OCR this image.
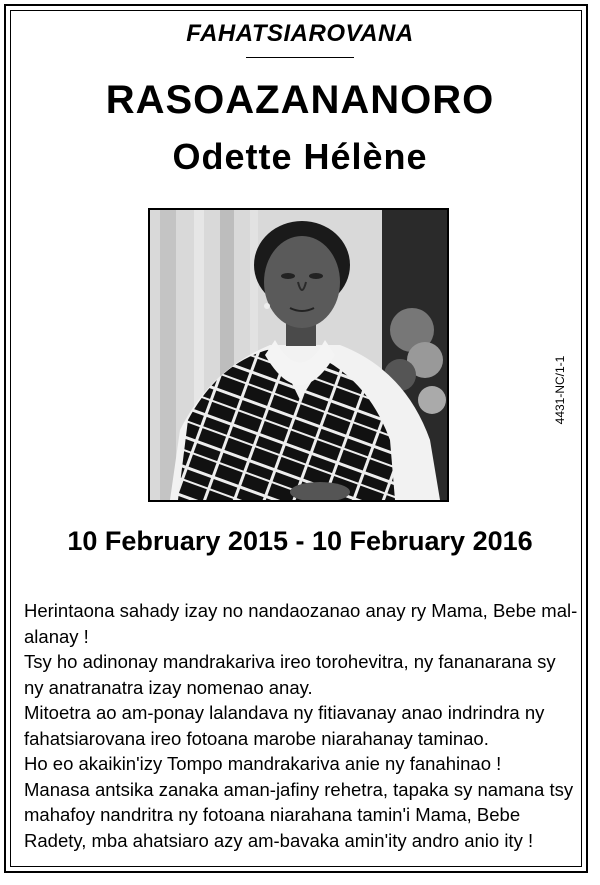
FAHATSIAROVANA
RASOAZANANORO
Odette Hélène
4431-NC/1-1
10 February 2015 - 10 February 2016
Herintaona sahady izay no nandaozanao anay ry Mama, Bebe mal-
alanay !
Tsy ho adinonay mandrakariva ireo torohevitra, ny fananarana sy
ny anatranatra izay nomenao anay.
Mitoetra ao am-ponay lalandava ny fitiavanay anao indrindra ny
fahatsiarovana ireo fotoana marobe niarahanay taminao.
Ho eo akaikin'izy Tompo mandrakariva anie ny fanahinao !
Manasa antsika zanaka aman-jafiny rehetra, tapaka sy namana tsy
mahafoy nandritra ny fotoana niarahana tamin'i Mama, Bebe
Radety, mba ahatsiaro azy am-bavaka amin'ity andro anio ity !
